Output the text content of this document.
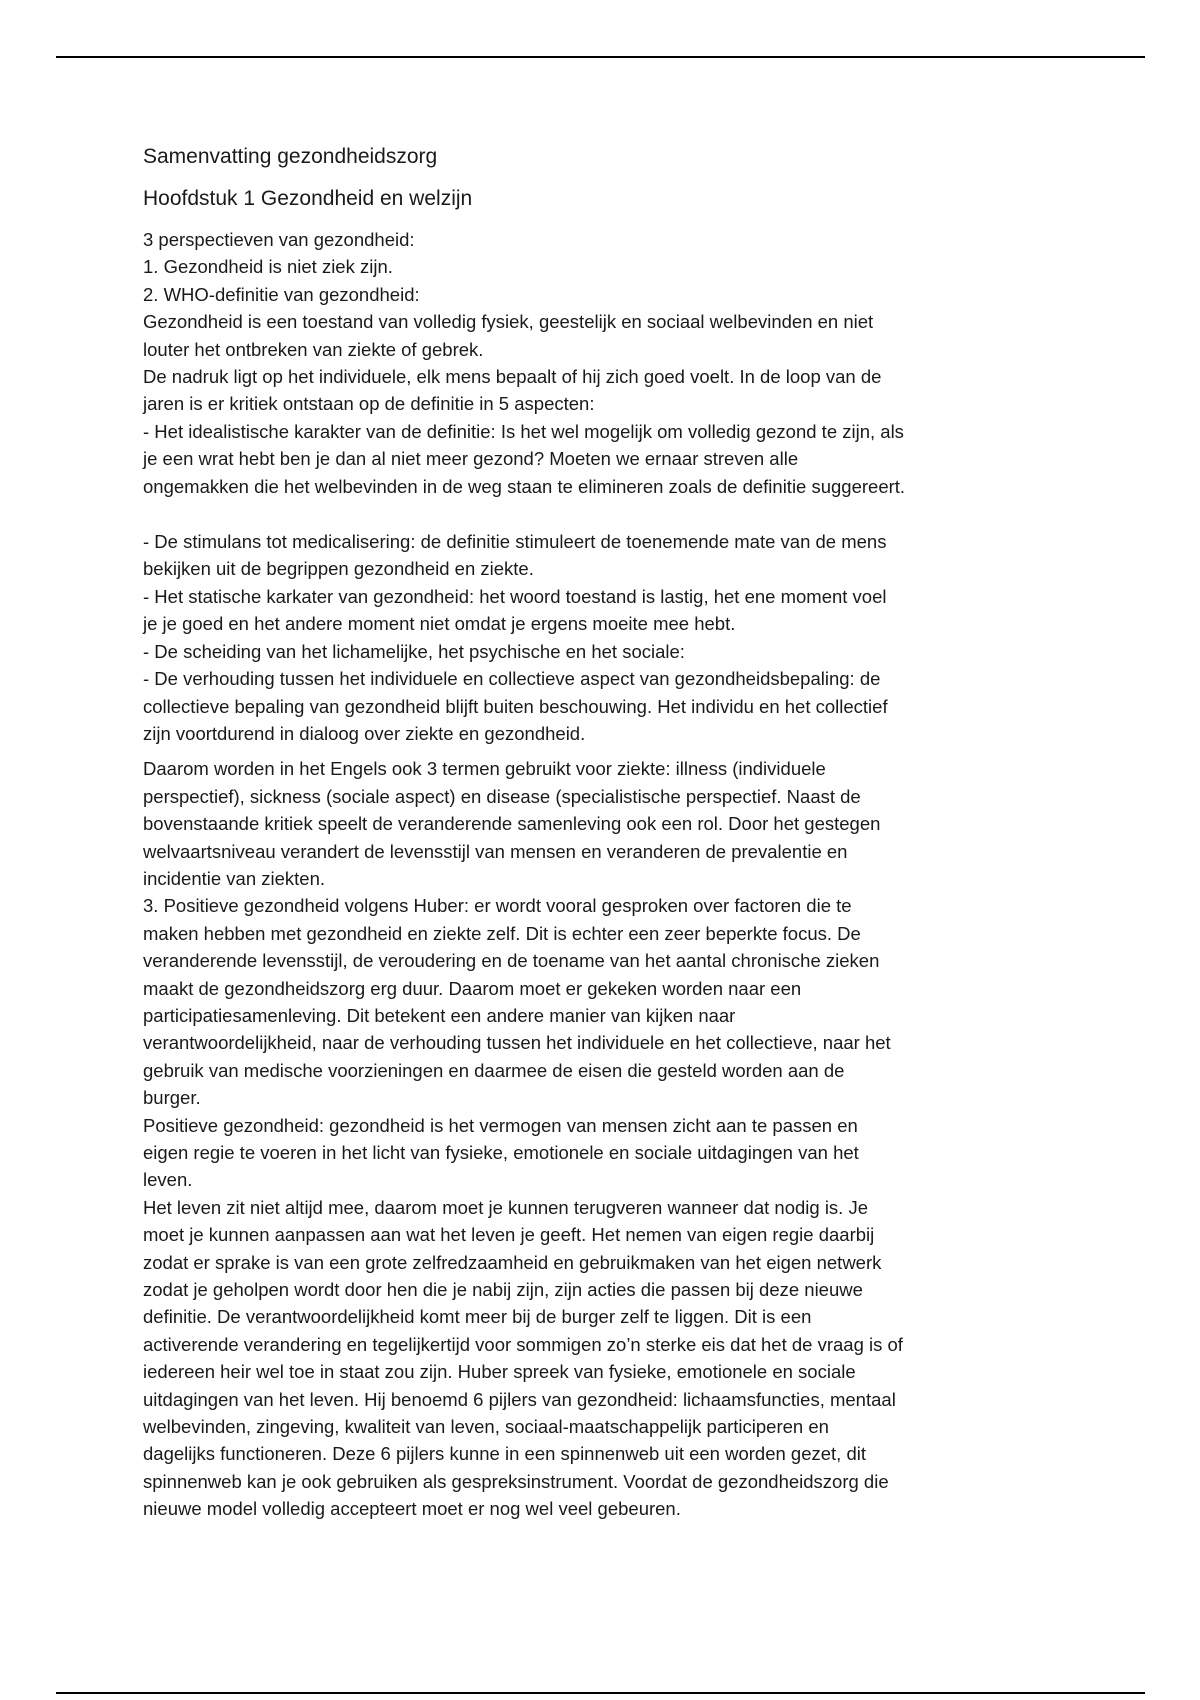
Samenvatting gezondheidszorg
Hoofdstuk 1 Gezondheid en welzijn

3 perspectieven van gezondheid:

1. Gezondheid is niet ziek zijn.

2. WHO-definitie van gezondheid:

Gezondheid is een toestand van volledig fysiek, geestelijk en sociaal welbevinden en niet

louter het ontbreken van ziekte of gebrek.

De nadruk ligt op het individuele, elk mens bepaalt of hij zich goed voelt. In de loop van de

jaren is er kritiek ontstaan op de definitie in 5 aspecten:

- Het idealistische karakter van de definitie: Is het wel mogelijk om volledig gezond te zijn, als

je een wrat hebt ben je dan al niet meer gezond? Moeten we ernaar streven alle

ongemakken die het welbevinden in de weg staan te elimineren zoals de definitie suggereert.

- De stimulans tot medicalisering: de definitie stimuleert de toenemende mate van de mens

bekijken uit de begrippen gezondheid en ziekte.

- Het statische karkater van gezondheid: het woord toestand is lastig, het ene moment voel

je je goed en het andere moment niet omdat je ergens moeite mee hebt.

- De scheiding van het lichamelijke, het psychische en het sociale:

- De verhouding tussen het individuele en collectieve aspect van gezondheidsbepaling: de

collectieve bepaling van gezondheid blijft buiten beschouwing. Het individu en het collectief

zijn voortdurend in dialoog over ziekte en gezondheid.

Daarom worden in het Engels ook 3 termen gebruikt voor ziekte: illness (individuele

perspectief), sickness (sociale aspect) en disease (specialistische perspectief. Naast de

bovenstaande kritiek speelt de veranderende samenleving ook een rol. Door het gestegen

welvaartsniveau verandert de levensstijl van mensen en veranderen de prevalentie en

incidentie van ziekten.

3. Positieve gezondheid volgens Huber: er wordt vooral gesproken over factoren die te

maken hebben met gezondheid en ziekte zelf. Dit is echter een zeer beperkte focus. De

veranderende levensstijl, de veroudering en de toename van het aantal chronische zieken

maakt de gezondheidszorg erg duur. Daarom moet er gekeken worden naar een

participatiesamenleving. Dit betekent een andere manier van kijken naar

verantwoordelijkheid, naar de verhouding tussen het individuele en het collectieve, naar het

gebruik van medische voorzieningen en daarmee de eisen die gesteld worden aan de

burger.

Positieve gezondheid: gezondheid is het vermogen van mensen zicht aan te passen en

eigen regie te voeren in het licht van fysieke, emotionele en sociale uitdagingen van het

leven.

Het leven zit niet altijd mee, daarom moet je kunnen terugveren wanneer dat nodig is. Je

moet je kunnen aanpassen aan wat het leven je geeft. Het nemen van eigen regie daarbij

zodat er sprake is van een grote zelfredzaamheid en gebruikmaken van het eigen netwerk

zodat je geholpen wordt door hen die je nabij zijn, zijn acties die passen bij deze nieuwe

definitie. De verantwoordelijkheid komt meer bij de burger zelf te liggen. Dit is een

activerende verandering en tegelijkertijd voor sommigen zo’n sterke eis dat het de vraag is of

iedereen heir wel toe in staat zou zijn. Huber spreek van fysieke, emotionele en sociale

uitdagingen van het leven. Hij benoemd 6 pijlers van gezondheid: lichaamsfuncties, mentaal

welbevinden, zingeving, kwaliteit van leven, sociaal-maatschappelijk participeren en

dagelijks functioneren. Deze 6 pijlers kunne in een spinnenweb uit een worden gezet, dit

spinnenweb kan je ook gebruiken als gespreksinstrument. Voordat de gezondheidszorg die

nieuwe model volledig accepteert moet er nog wel veel gebeuren.
